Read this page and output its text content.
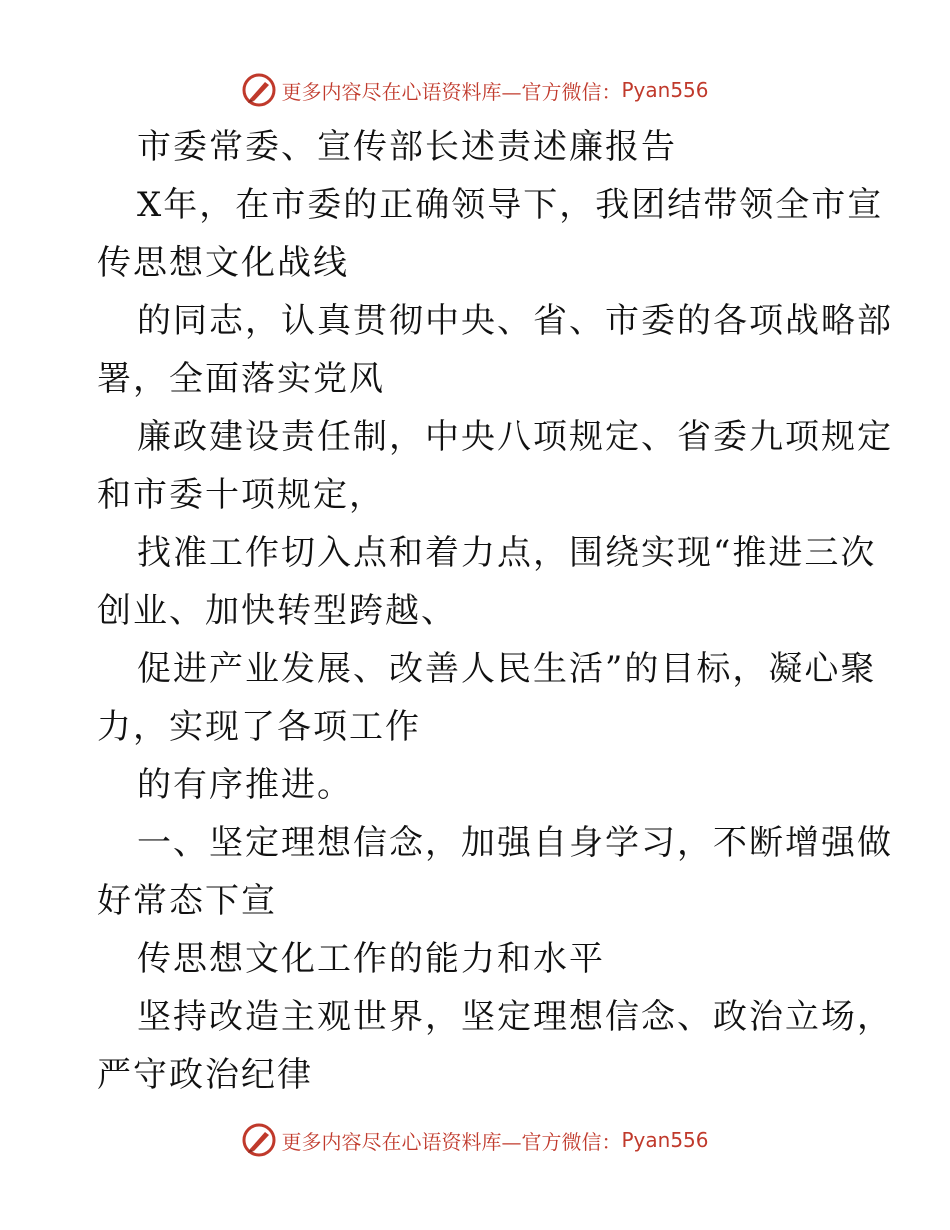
更多内容尽在心语资料库—官方微信： Pyan556
市委常委、宣传部长述责述廉报告
X年，在市委的正确领导下，我团结带领全市宣
传思想文化战线
的同志，认真贯彻中央、省、市委的各项战略部
署，全面落实党风
廉政建设责任制，中央八项规定、省委九项规定
和市委十项规定，
找准工作切入点和着力点，围绕实现“推进三次
创业、加快转型跨越、
促进产业发展、改善人民生活”的目标，凝心聚
力，实现了各项工作
的有序推进。
一、坚定理想信念，加强自身学习，不断增强做
好常态下宣
传思想文化工作的能力和水平
坚持改造主观世界，坚定理想信念、政治立场，
严守政治纪律
更多内容尽在心语资料库—官方微信： Pyan556
